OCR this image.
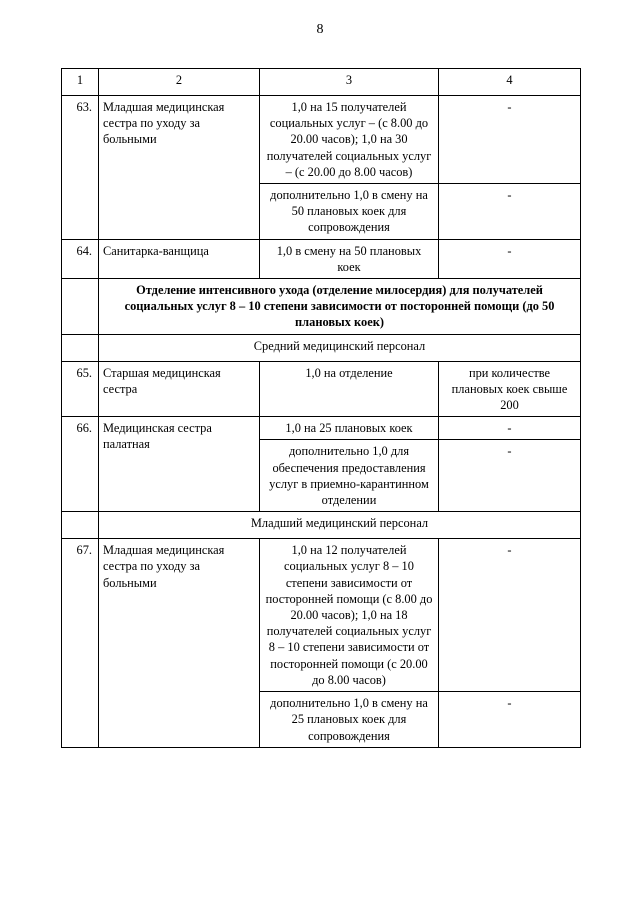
8
1	2	3	4
63.	Младшая медицинская сестра по уходу за больными	1,0 на 15 получателей социальных услуг – (с 8.00 до 20.00 часов); 1,0 на 30 получателей социальных услуг – (с 20.00 до 8.00 часов)	-
		дополнительно 1,0 в смену на 50 плановых коек для сопровождения	-
64.	Санитарка-ванщица	1,0 в смену на 50 плановых коек	-
	Отделение интенсивного ухода (отделение милосердия) для получателей социальных услуг 8 – 10 степени зависимости от посторонней помощи (до 50 плановых коек)		
	Средний медицинский персонал		
65.	Старшая медицинская сестра	1,0 на отделение	при количестве плановых коек свыше 200
66.	Медицинская сестра палатная	1,0 на 25 плановых коек	-
		дополнительно 1,0 для обеспечения предоставления услуг в приемно-карантинном отделении	-
	Младший медицинский персонал		
67.	Младшая медицинская сестра по уходу за больными	1,0 на 12 получателей социальных услуг 8 – 10 степени зависимости от посторонней помощи (с 8.00 до 20.00 часов); 1,0 на 18 получателей социальных услуг 8 – 10 степени зависимости от посторонней помощи (с 20.00 до 8.00 часов)	-
		дополнительно 1,0 в смену на 25 плановых коек для сопровождения	-
